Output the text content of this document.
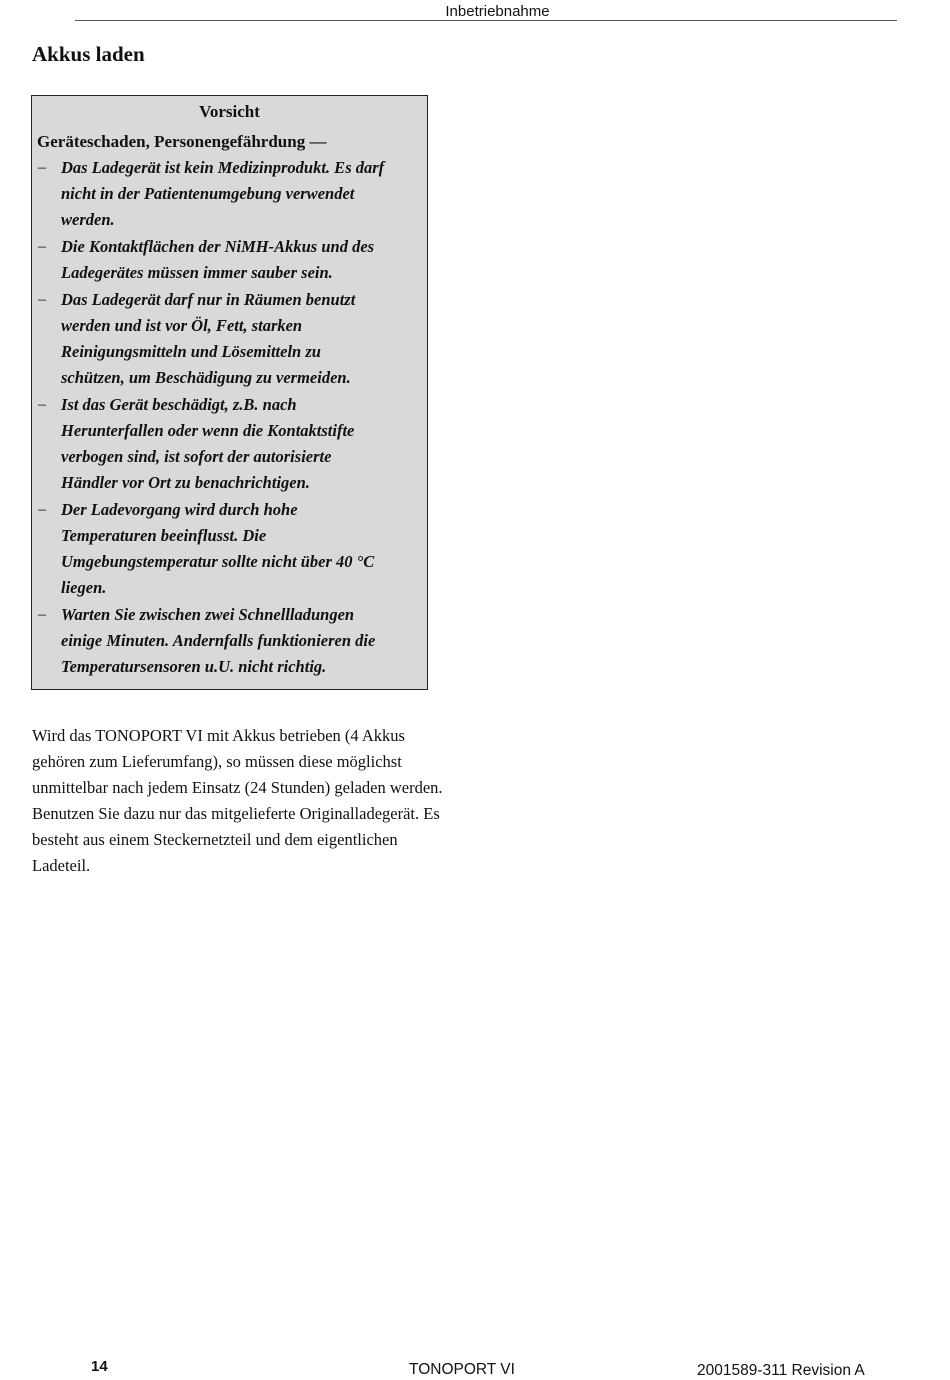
Inbetriebnahme
Akkus laden
Vorsicht
Geräteschaden, Personengefährdung —
– Das Ladegerät ist kein Medizinprodukt. Es darf
nicht in der Patientenumgebung verwendet
werden.
– Die Kontaktflächen der NiMH-Akkus und des
Ladegerätes müssen immer sauber sein.
– Das Ladegerät darf nur in Räumen benutzt
werden und ist vor Öl, Fett, starken
Reinigungsmitteln und Lösemitteln zu
schützen, um Beschädigung zu vermeiden.
– Ist das Gerät beschädigt, z.B. nach
Herunterfallen oder wenn die Kontaktstifte
verbogen sind, ist sofort der autorisierte
Händler vor Ort zu benachrichtigen.
– Der Ladevorgang wird durch hohe
Temperaturen beeinflusst. Die
Umgebungstemperatur sollte nicht über 40 °C
liegen.
– Warten Sie zwischen zwei Schnellladungen
einige Minuten. Andernfalls funktionieren die
Temperatursensoren u.U. nicht richtig.
Wird das TONOPORT VI mit Akkus betrieben (4 Akkus
gehören zum Lieferumfang), so müssen diese möglichst
unmittelbar nach jedem Einsatz (24 Stunden) geladen werden.
Benutzen Sie dazu nur das mitgelieferte Originalladegerät. Es
besteht aus einem Steckernetzteil und dem eigentlichen
Ladeteil.
14	TONOPORT VI	2001589-311 Revision A
